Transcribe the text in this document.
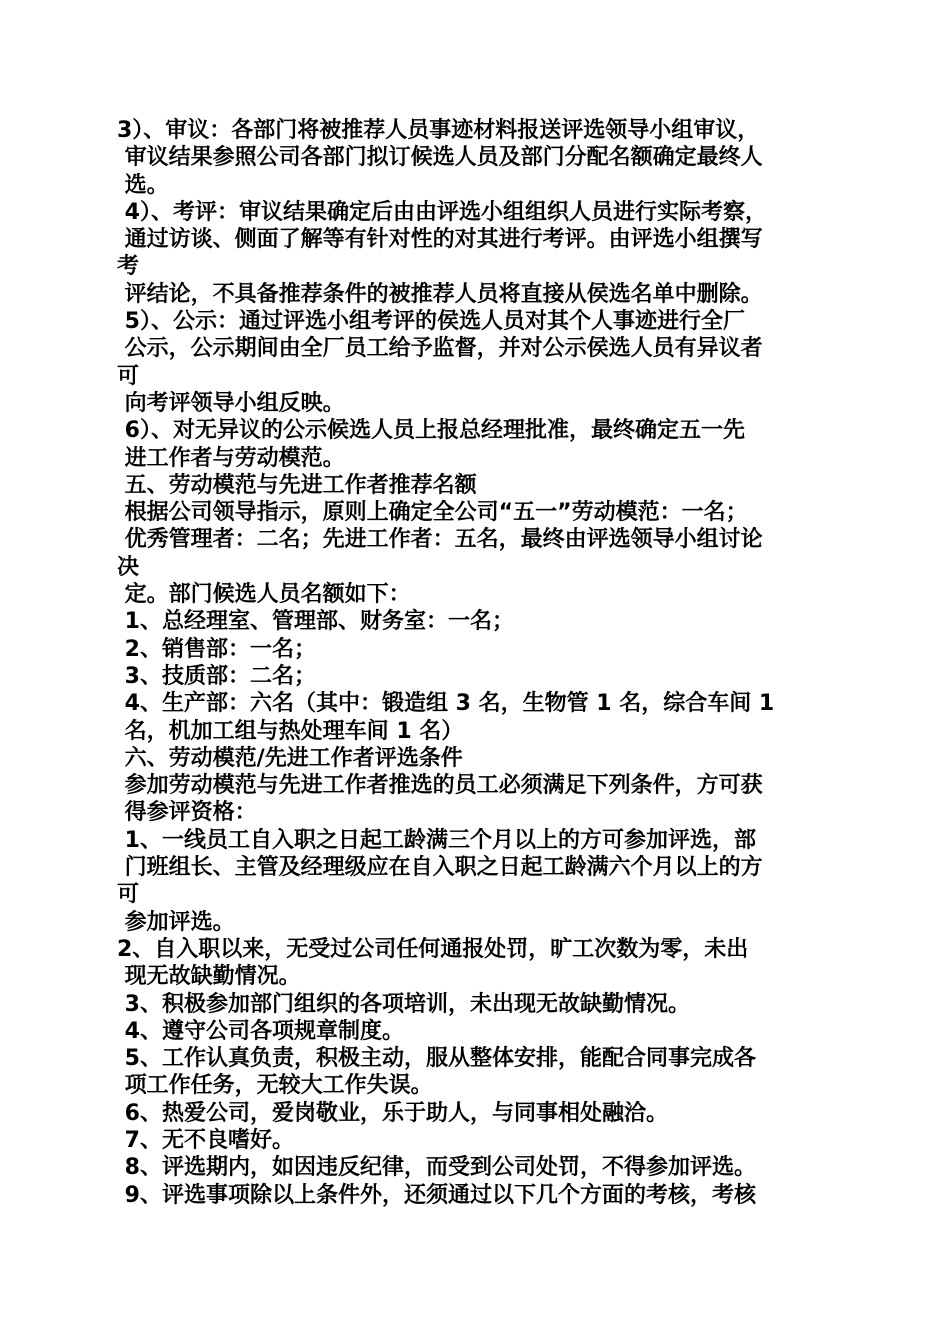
3）、审议：各部门将被推荐人员事迹材料报送评选领导小组审议，
审议结果参照公司各部门拟订候选人员及部门分配名额确定最终人
选。
4）、考评：审议结果确定后由由评选小组组织人员进行实际考察，
通过访谈、侧面了解等有针对性的对其进行考评。由评选小组撰写
考
评结论，不具备推荐条件的被推荐人员将直接从侯选名单中删除。
5）、公示：通过评选小组考评的侯选人员对其个人事迹进行全厂
公示，公示期间由全厂员工给予监督，并对公示侯选人员有异议者
可
向考评领导小组反映。
6）、对无异议的公示候选人员上报总经理批准，最终确定五一先
进工作者与劳动模范。
五、劳动模范与先进工作者推荐名额
根据公司领导指示，原则上确定全公司“五一”劳动模范：一名；
优秀管理者：二名；先进工作者：五名，最终由评选领导小组讨论
决
定。部门候选人员名额如下：
1、总经理室、管理部、财务室：一名；
2、销售部：一名；
3、技质部：二名；
4、生产部：六名（其中：锻造组 3 名，生物管 1 名，综合车间 1
名，机加工组与热处理车间 1 名）
六、劳动模范/先进工作者评选条件
参加劳动模范与先进工作者推选的员工必须满足下列条件，方可获
得参评资格：
1、一线员工自入职之日起工龄满三个月以上的方可参加评选，部
门班组长、主管及经理级应在自入职之日起工龄满六个月以上的方
可
参加评选。
2、自入职以来，无受过公司任何通报处罚，旷工次数为零，未出
现无故缺勤情况。
3、积极参加部门组织的各项培训，未出现无故缺勤情况。
4、遵守公司各项规章制度。
5、工作认真负责，积极主动，服从整体安排，能配合同事完成各
项工作任务，无较大工作失误。
6、热爱公司，爱岗敬业，乐于助人，与同事相处融洽。
7、无不良嗜好。
8、评选期内，如因违反纪律，而受到公司处罚，不得参加评选。
9、评选事项除以上条件外，还须通过以下几个方面的考核，考核
